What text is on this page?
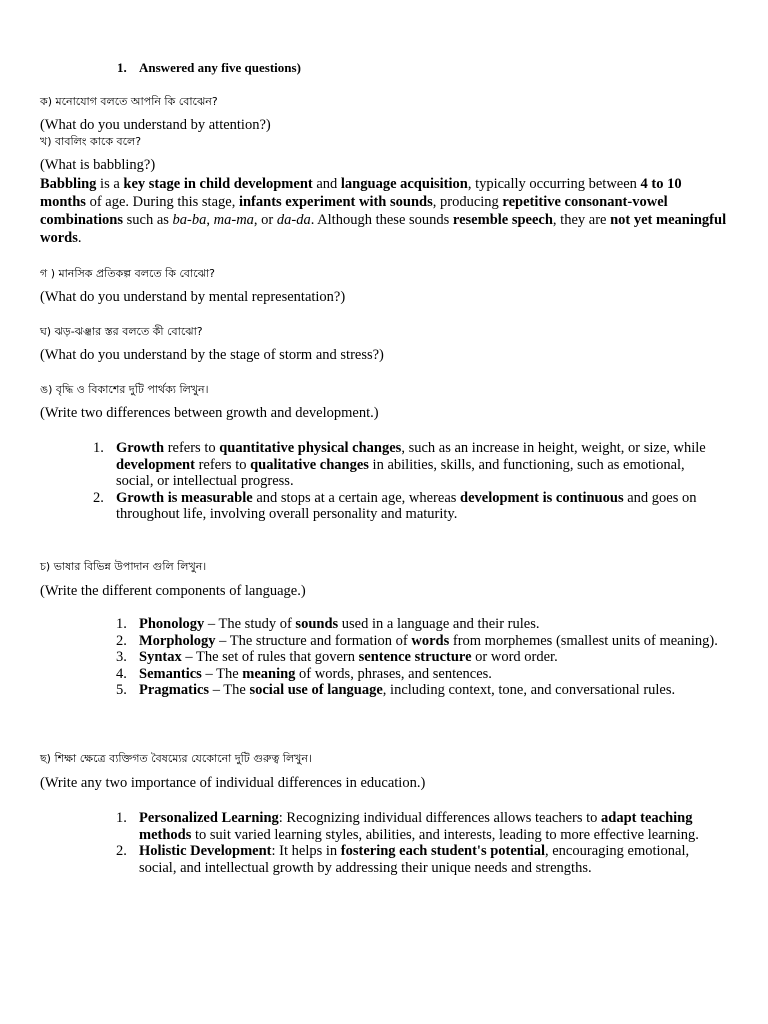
1. Answered any five questions)
ক) মনোযোগ বলতে আপনি কি বোঝেন?
(What do you understand by attention?)
খ) বাবলিং কাকে বলে?
(What is babbling?)
Babbling is a key stage in child development and language acquisition, typically occurring between 4 to 10 months of age. During this stage, infants experiment with sounds, producing repetitive consonant-vowel combinations such as ba-ba, ma-ma, or da-da. Although these sounds resemble speech, they are not yet meaningful words.
গ ) মানসিক প্রতিকল্প বলতে কি বোঝো?
(What do you understand by mental representation?)
ঘ) ঝড়-ঝঞ্ঝার স্তর বলতে কী বোঝো?
(What do you understand by the stage of storm and stress?)
ঙ) বৃদ্ধি ও বিকাশের দুটি পার্থক্য লিখুন।
(Write two differences between growth and development.)
1. Growth refers to quantitative physical changes, such as an increase in height, weight, or size, while development refers to qualitative changes in abilities, skills, and functioning, such as emotional, social, or intellectual progress.
2. Growth is measurable and stops at a certain age, whereas development is continuous and goes on throughout life, involving overall personality and maturity.
চ) ভাষার বিভিন্ন উপাদান গুলি লিখুন।
(Write the different components of language.)
1. Phonology – The study of sounds used in a language and their rules.
2. Morphology – The structure and formation of words from morphemes (smallest units of meaning).
3. Syntax – The set of rules that govern sentence structure or word order.
4. Semantics – The meaning of words, phrases, and sentences.
5. Pragmatics – The social use of language, including context, tone, and conversational rules.
ছ) শিক্ষা ক্ষেত্রে ব্যক্তিগত বৈষম্যের যেকোনো দুটি গুরুত্ব লিখুন।
(Write any two importance of individual differences in education.)
1. Personalized Learning: Recognizing individual differences allows teachers to adapt teaching methods to suit varied learning styles, abilities, and interests, leading to more effective learning.
2. Holistic Development: It helps in fostering each student's potential, encouraging emotional, social, and intellectual growth by addressing their unique needs and strengths.
